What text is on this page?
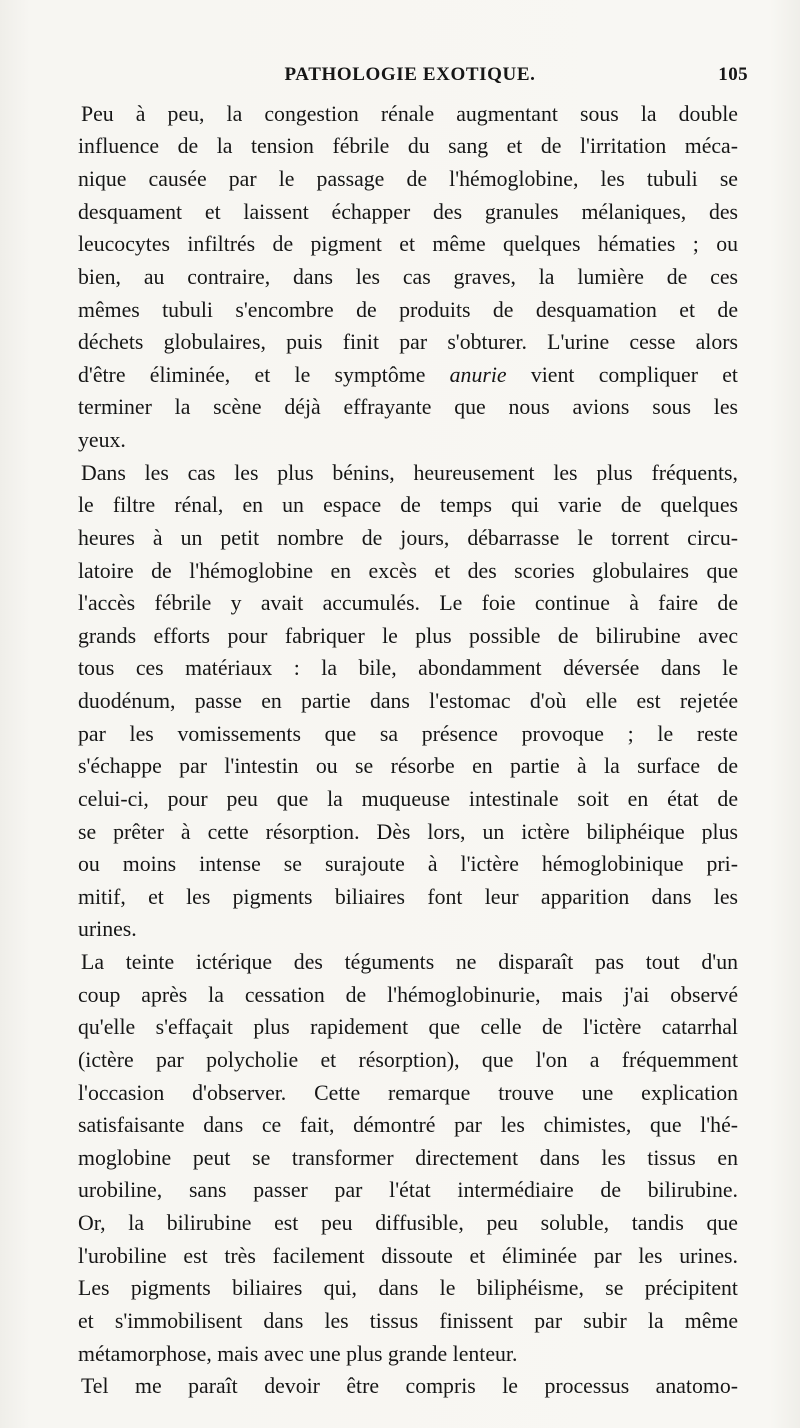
PATHOLOGIE EXOTIQUE.	105
Peu à peu, la congestion rénale augmentant sous la double
influence de la tension fébrile du sang et de l'irritation méca-
nique causée par le passage de l'hémoglobine, les tubuli se
desquament et laissent échapper des granules mélaniques, des
leucocytes infiltrés de pigment et même quelques hématies ; ou
bien, au contraire, dans les cas graves, la lumière de ces
mêmes tubuli s'encombre de produits de desquamation et de
déchets globulaires, puis finit par s'obturer. L'urine cesse alors
d'être éliminée, et le symptôme anurie vient compliquer et
terminer la scène déjà effrayante que nous avions sous les
yeux.
Dans les cas les plus bénins, heureusement les plus fréquents,
le filtre rénal, en un espace de temps qui varie de quelques
heures à un petit nombre de jours, débarrasse le torrent circu-
latoire de l'hémoglobine en excès et des scories globulaires que
l'accès fébrile y avait accumulés. Le foie continue à faire de
grands efforts pour fabriquer le plus possible de bilirubine avec
tous ces matériaux : la bile, abondamment déversée dans le
duodénum, passe en partie dans l'estomac d'où elle est rejetée
par les vomissements que sa présence provoque ; le reste
s'échappe par l'intestin ou se résorbe en partie à la surface de
celui-ci, pour peu que la muqueuse intestinale soit en état de
se prêter à cette résorption. Dès lors, un ictère biliphéique plus
ou moins intense se surajoute à l'ictère hémoglobinique pri-
mitif, et les pigments biliaires font leur apparition dans les
urines.
La teinte ictérique des téguments ne disparaît pas tout d'un
coup après la cessation de l'hémoglobinurie, mais j'ai observé
qu'elle s'effaçait plus rapidement que celle de l'ictère catarrhal
(ictère par polycholie et résorption), que l'on a fréquemment
l'occasion d'observer. Cette remarque trouve une explication
satisfaisante dans ce fait, démontré par les chimistes, que l'hé-
moglobine peut se transformer directement dans les tissus en
urobiline, sans passer par l'état intermédiaire de bilirubine.
Or, la bilirubine est peu diffusible, peu soluble, tandis que
l'urobiline est très facilement dissoute et éliminée par les urines.
Les pigments biliaires qui, dans le biliphéisme, se précipitent
et s'immobilisent dans les tissus finissent par subir la même
métamorphose, mais avec une plus grande lenteur.
Tel me paraît devoir être compris le processus anatomo-
